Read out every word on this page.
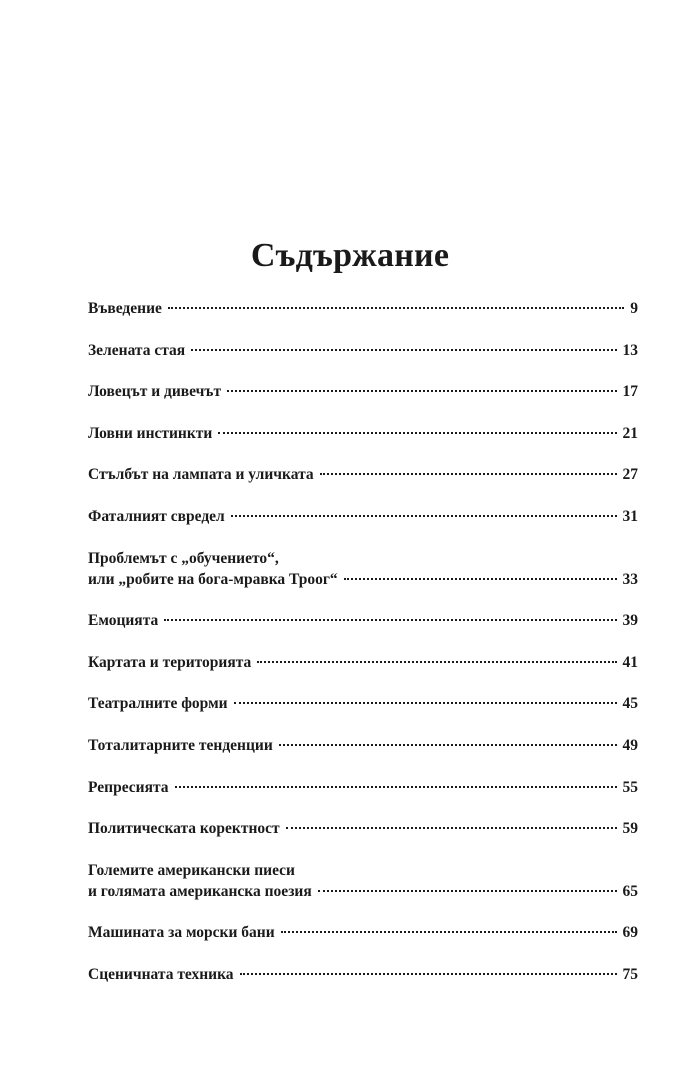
Съдържание
Въведение	9
Зелената стая	13
Ловецът и дивечът	17
Ловни инстинкти	21
Стълбът на лампата и уличката	27
Фаталният свредел	31
Проблемът с „обучението“,
или „робите на бога-мравка Троог“	33
Емоцията	39
Картата и територията	41
Театралните форми	45
Тоталитарните тенденции	49
Репресията	55
Политическата коректност	59
Големите американски пиеси
и голямата американска поезия	65
Машината за морски бани	69
Сценичната техника	75
